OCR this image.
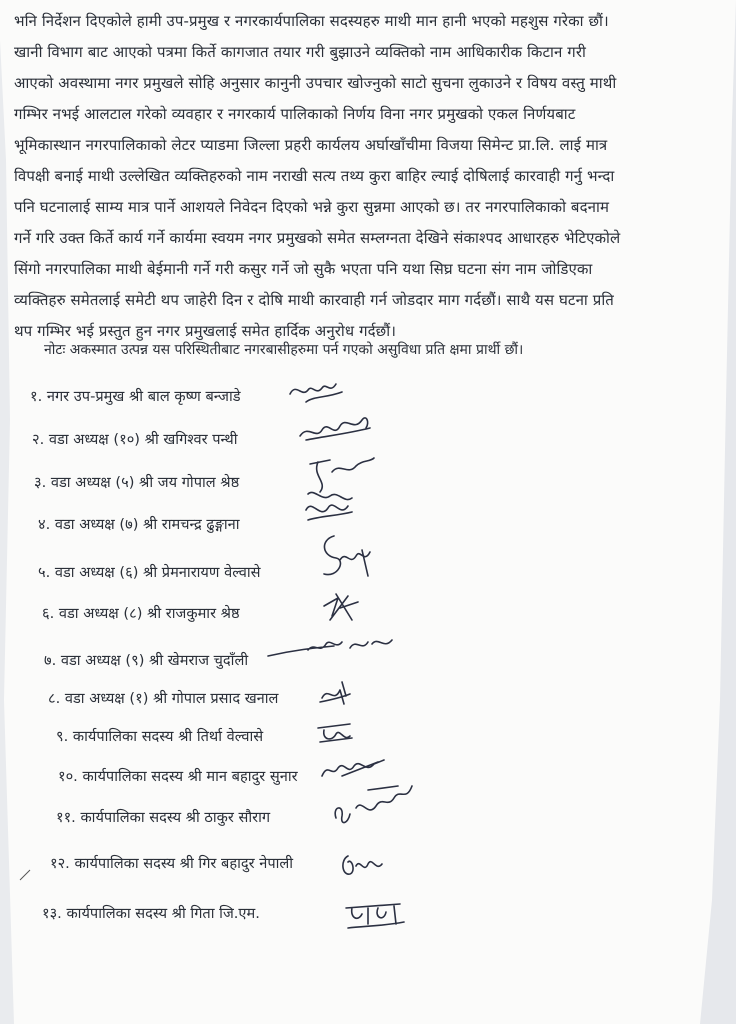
भनि निर्देशन दिएकोले हामी उप-प्रमुख र नगरकार्यपालिका सदस्यहरु माथी मान हानी भएको महशुस गरेका छौं।
खानी विभाग बाट आएको पत्रमा किर्ते कागजात तयार गरी बुझाउने व्यक्तिको नाम आधिकारीक किटान गरी
आएको अवस्थामा नगर प्रमुखले सोहि अनुसार कानुनी उपचार खोज्नुको साटो सुचना लुकाउने र विषय वस्तु माथी
गम्भिर नभई आलटाल गरेको व्यवहार र नगरकार्य पालिकाको निर्णय विना नगर प्रमुखको एकल निर्णयबाट
भूमिकास्थान नगरपालिकाको लेटर प्याडमा जिल्ला प्रहरी कार्यलय अर्घाखाँचीमा विजया सिमेन्ट प्रा.लि. लाई मात्र
विपक्षी बनाई माथी उल्लेखित व्यक्तिहरुको नाम नराखी सत्य तथ्य कुरा बाहिर ल्याई दोषिलाई कारवाही गर्नु भन्दा
पनि घटनालाई साम्य मात्र पार्ने आशयले निवेदन दिएको भन्ने कुरा सुन्नमा आएको छ। तर नगरपालिकाको बदनाम
गर्ने गरि उक्त किर्ते कार्य गर्ने कार्यमा स्वयम नगर प्रमुखको समेत सम्लग्नता देखिने संकाश्पद आधारहरु भेटिएकोले
सिंगो नगरपालिका माथी बेईमानी गर्ने गरी कसुर गर्ने जो सुकै भएता पनि यथा सिघ्र घटना संग नाम जोडिएका
व्यक्तिहरु समेतलाई समेटी थप जाहेरी दिन र दोषि माथी कारवाही गर्न जोडदार माग गर्दछौं। साथै यस घटना प्रति
थप गम्भिर भई प्रस्तुत हुन नगर प्रमुखलाई समेत हार्दिक अनुरोध गर्दछौं।
नोटः अकस्मात उत्पन्न यस परिस्थितीबाट नगरबासीहरुमा पर्न गएको असुविधा प्रति क्षमा प्रार्थी छौं।
१. नगर उप-प्रमुख श्री बाल कृष्ण बन्जाडे
२. वडा अध्यक्ष (१०) श्री खगिश्वर पन्थी
३. वडा अध्यक्ष (५) श्री जय गोपाल श्रेष्ठ
४. वडा अध्यक्ष (७) श्री रामचन्द्र ढुङ्गाना
५. वडा अध्यक्ष (६) श्री प्रेमनारायण वेल्वासे
६. वडा अध्यक्ष (८) श्री राजकुमार श्रेष्ठ
७. वडा अध्यक्ष (९) श्री खेमराज चुदाँली
८. वडा अध्यक्ष (१) श्री गोपाल प्रसाद खनाल
९. कार्यपालिका सदस्य श्री तिर्था वेल्वासे
१०. कार्यपालिका सदस्य श्री मान बहादुर सुनार
११. कार्यपालिका सदस्य श्री ठाकुर सौराग
१२. कार्यपालिका सदस्य श्री गिर बहादुर नेपाली
१३. कार्यपालिका सदस्य श्री गिता जि.एम.
